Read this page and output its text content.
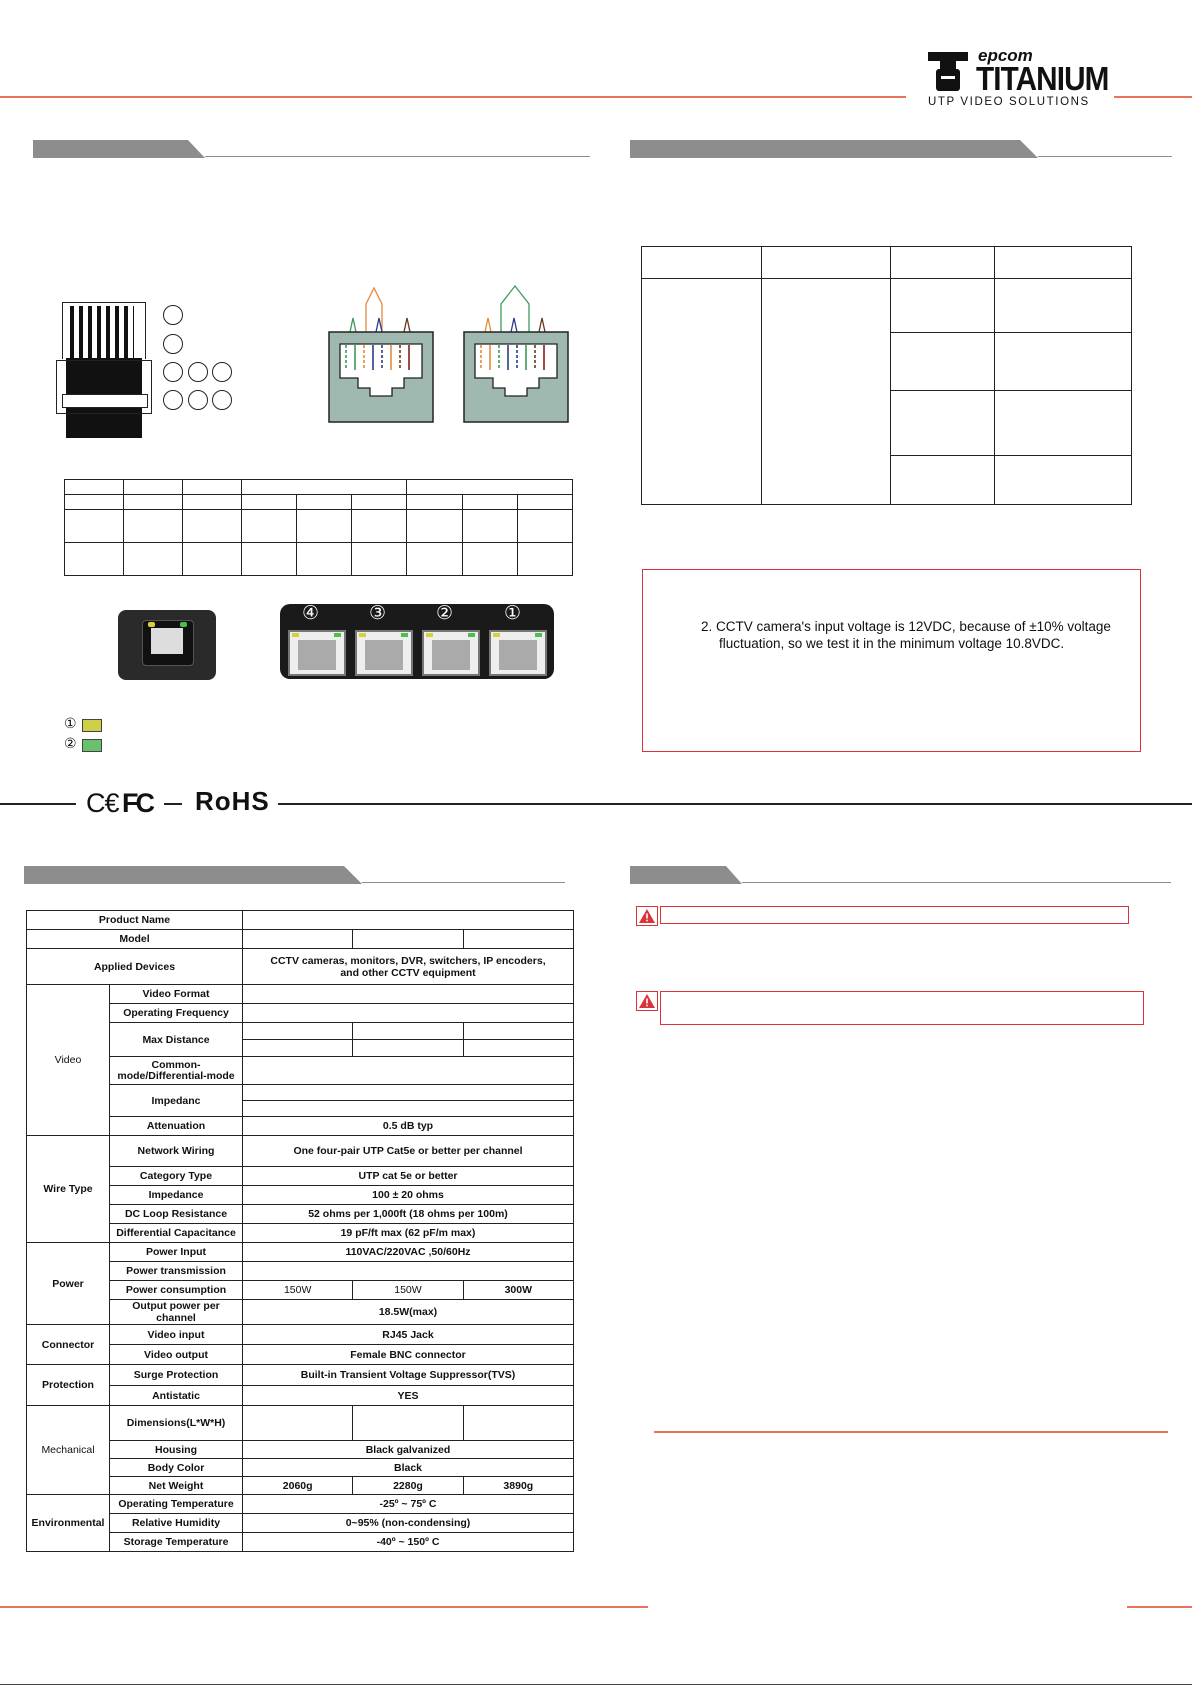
epcom
TITANIUM
UTP VIDEO SOLUTIONS

④	③	②	①
①
②

2. CCTV camera's input voltage is 12VDC, because of ±10% voltage
fluctuation, so we test it in the minimum voltage 10.8VDC.
C€ FC RoHS
Product Name				
Model				
Applied Devices		CCTV cameras, monitors, DVR, switchers, IP encoders,
and other CCTV equipment		
Video	Video Format			
	Operating Frequency			
	Max Distance			

	Common-
mode/Differential-mode			
	Impedanc			

	Attenuation	0.5 dB typ		
Wire Type	Network Wiring	One four-pair UTP Cat5e or better per channel		
	Category Type	UTP cat 5e or better		
	Impedance	100 ± 20 ohms		
	DC Loop Resistance	52 ohms per 1,000ft (18 ohms per 100m)		
	Differential Capacitance	19 pF/ft max (62 pF/m max)		
Power	Power Input	110VAC/220VAC ,50/60Hz		
	Power transmission			
	Power consumption	150W	150W	300W
	Output power per channel	18.5W(max)		
Connector	Video input	RJ45 Jack		
	Video output	Female BNC connector		
Protection	Surge Protection	Built-in Transient Voltage Suppressor(TVS)		
	Antistatic	YES		
Mechanical	Dimensions(L*W*H)			
	Housing	Black galvanized		
	Body Color	Black		
	Net Weight	2060g	2280g	3890g
Environmental	Operating Temperature	-25º ~ 75º C		
	Relative Humidity	0~95% (non-condensing)		
	Storage Temperature	-40º ~ 150º C		
